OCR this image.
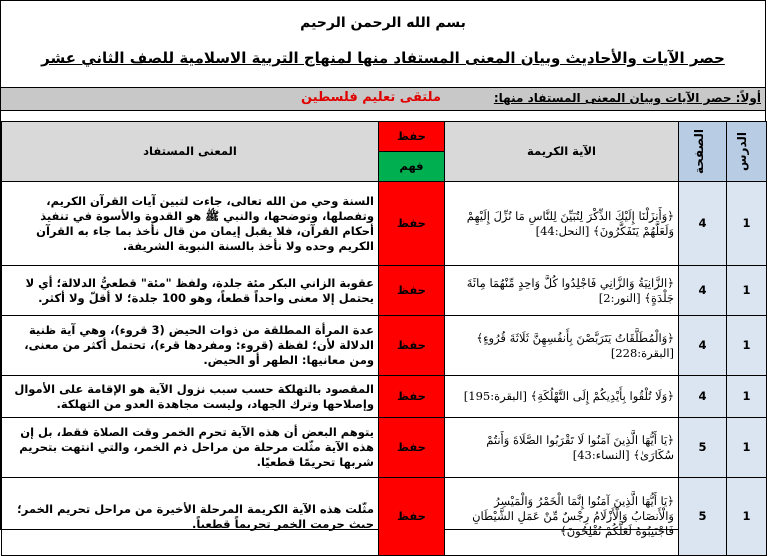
بسم الله الرحمن الرحيم
حصر الآيات والأحاديث وبيان المعنى المستفاد منها لمنهاج التربية الاسلامية للصف الثاني عشر
أولاً: حصر الآيات وبيان المعنى المستفاد منها:
ملتقى تعليم فلسطين
الدرس	الصفحة	الآية الكريمة	حفظ	المعنى المستفاد
			فهم	
1	4	﴿وَأَنزَلْنَا إِلَيْكَ الذِّكْرَ لِتُبَيِّنَ لِلنَّاسِ مَا نُزِّلَ إِلَيْهِمْ وَلَعَلَّهُمْ يَتَفَكَّرُونَ﴾ [النحل:44]	حفظ	السنة وحي من الله تعالى، جاءت لتبين آيات القرآن الكريم، وتفصلها، وتوضحها، والنبي ﷺ هو القدوة والأسوة في تنفيذ أحكام القرآن، فلا يقبل إيمان من قال نأخذ بما جاء به القرآن الكريم وحده ولا نأخذ بالسنة النبوية الشريفة.
1	4	﴿الزَّانِيَةُ وَالزَّانِي فَاجْلِدُوا كُلَّ وَاحِدٍ مِّنْهُمَا مِائَةَ جَلْدَةٍ﴾ [النور:2]	حفظ	عقوبة الزاني البكر مئة جلدة، ولفظ "مئة" قطعيُّ الدلالة؛ أي لا يحتمل إلا معنى واحداً قطعاً، وهو 100 جلدة؛ لا أقلّ ولا أكثر.
1	4	﴿وَالْمُطَلَّقَاتُ يَتَرَبَّصْنَ بِأَنفُسِهِنَّ ثَلَاثَةَ قُرُوءٍ﴾ [البقرة:228]	حفظ	عدة المرأة المطلقة من ذوات الحيض (3 قروء)، وهي آية ظنية الدلالة لأن؛ لفظة (قروء: ومفردها قرء)، تحتمل أكثر من معنى، ومن معانيها: الطهر أو الحيض.
1	4	﴿وَلَا تُلْقُوا بِأَيْدِيكُمْ إِلَى التَّهْلُكَةِ﴾ [البقرة:195]	حفظ	المقصود بالتهلكة حسب سبب نزول الآية هو الإقامة على الأموال وإصلاحها وترك الجهاد، وليست مجاهدة العدو من التهلكة.
1	5	﴿يَا أَيُّهَا الَّذِينَ آمَنُوا لَا تَقْرَبُوا الصَّلَاةَ وَأَنتُمْ سُكَارَىٰ﴾ [النساء:43]	حفظ	يتوهم البعض أن هذه الآية تحرم الخمر وقت الصلاة فقط، بل إن هذه الآية مثّلت مرحلة من مراحل ذم الخمر، والتي انتهت بتحريم شربها تحريمًا قطعيًا.
1	5	﴿يَا أَيُّهَا الَّذِينَ آمَنُوا إِنَّمَا الْخَمْرُ وَالْمَيْسِرُ وَالْأَنصَابُ وَالْأَزْلَامُ رِجْسٌ مِّنْ عَمَلِ الشَّيْطَانِ فَاجْتَنِبُوهُ لَعَلَّكُمْ تُفْلِحُونَ﴾	حفظ	مثّلت هذه الآية الكريمة المرحلة الأخيرة من مراحل تحريم الخمر؛ حيث حرمت الخمر تحريماً قطعياً.
